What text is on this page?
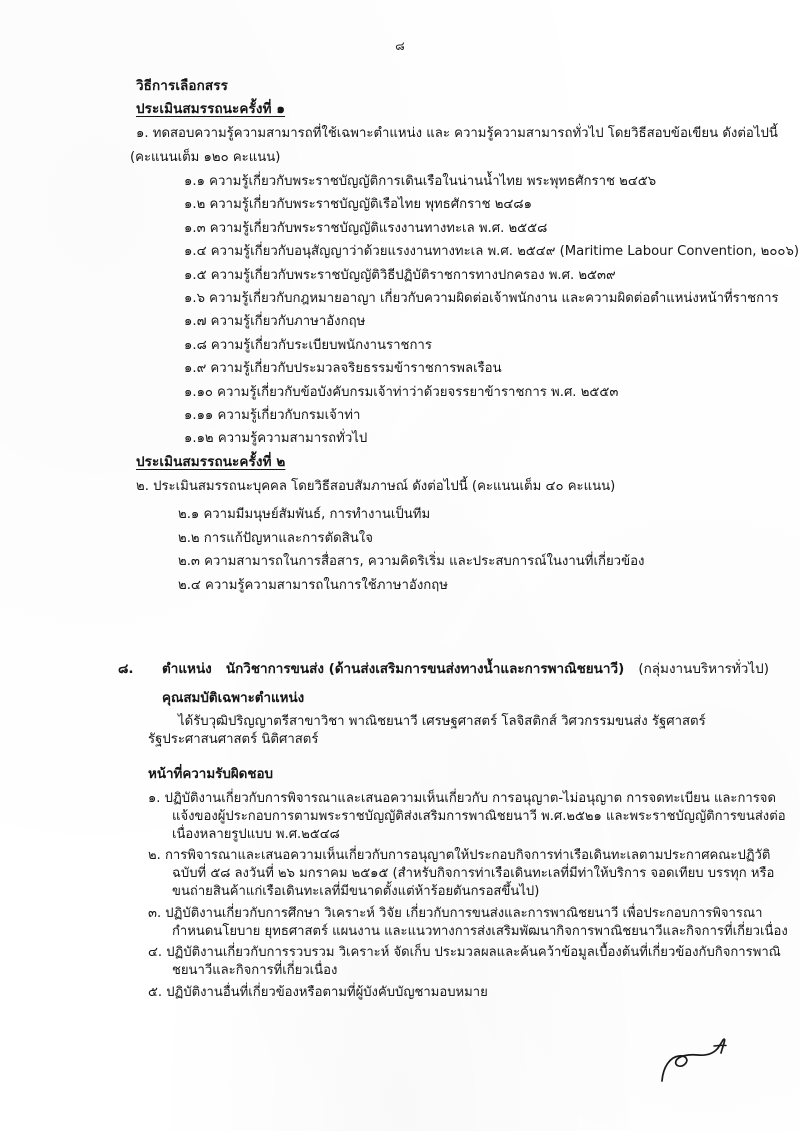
๘
วิธีการเลือกสรร
ประเมินสมรรถนะครั้งที่ ๑
๑. ทดสอบความรู้ความสามารถที่ใช้เฉพาะตำแหน่ง และ ความรู้ความสามารถทั่วไป โดยวิธีสอบข้อเขียน ดังต่อไปนี้
(คะแนนเต็ม ๑๒๐ คะแนน)
๑.๑ ความรู้เกี่ยวกับพระราชบัญญัติการเดินเรือในน่านน้ำไทย พระพุทธศักราช ๒๔๕๖
๑.๒ ความรู้เกี่ยวกับพระราชบัญญัติเรือไทย พุทธศักราช ๒๔๘๑
๑.๓ ความรู้เกี่ยวกับพระราชบัญญัติแรงงานทางทะเล พ.ศ. ๒๕๕๘
๑.๔ ความรู้เกี่ยวกับอนุสัญญาว่าด้วยแรงงานทางทะเล พ.ศ. ๒๕๔๙ (Maritime Labour Convention, ๒๐๐๖)
๑.๕ ความรู้เกี่ยวกับพระราชบัญญัติวิธีปฏิบัติราชการทางปกครอง พ.ศ. ๒๕๓๙
๑.๖ ความรู้เกี่ยวกับกฎหมายอาญา เกี่ยวกับความผิดต่อเจ้าพนักงาน และความผิดต่อตำแหน่งหน้าที่ราชการ
๑.๗ ความรู้เกี่ยวกับภาษาอังกฤษ
๑.๘ ความรู้เกี่ยวกับระเบียบพนักงานราชการ
๑.๙ ความรู้เกี่ยวกับประมวลจริยธรรมข้าราชการพลเรือน
๑.๑๐ ความรู้เกี่ยวกับข้อบังคับกรมเจ้าท่าว่าด้วยจรรยาข้าราชการ พ.ศ. ๒๕๕๓
๑.๑๑ ความรู้เกี่ยวกับกรมเจ้าท่า
๑.๑๒ ความรู้ความสามารถทั่วไป
ประเมินสมรรถนะครั้งที่ ๒
๒. ประเมินสมรรถนะบุคคล โดยวิธีสอบสัมภาษณ์ ดังต่อไปนี้ (คะแนนเต็ม ๔๐ คะแนน)
๒.๑ ความมีมนุษย์สัมพันธ์, การทำงานเป็นทีม
๒.๒ การแก้ปัญหาและการตัดสินใจ
๒.๓ ความสามารถในการสื่อสาร, ความคิดริเริ่ม และประสบการณ์ในงานที่เกี่ยวข้อง
๒.๔ ความรู้ความสามารถในการใช้ภาษาอังกฤษ
๘.	ตำแหน่ง นักวิชาการขนส่ง (ด้านส่งเสริมการขนส่งทางน้ำและการพาณิชยนาวี) (กลุ่มงานบริหารทั่วไป)
คุณสมบัติเฉพาะตำแหน่ง
ได้รับวุฒิปริญญาตรีสาขาวิชา พาณิชยนาวี เศรษฐศาสตร์ โลจิสติกส์ วิศวกรรมขนส่ง รัฐศาสตร์ รัฐประศาสนศาสตร์ นิติศาสตร์
หน้าที่ความรับผิดชอบ
๑. ปฏิบัติงานเกี่ยวกับการพิจารณาและเสนอความเห็นเกี่ยวกับ การอนุญาต-ไม่อนุญาต การจดทะเบียน และการจดแจ้งของผู้ประกอบการตามพระราชบัญญัติส่งเสริมการพาณิชยนาวี พ.ศ.๒๕๒๑ และพระราชบัญญัติการขนส่งต่อเนื่องหลายรูปแบบ พ.ศ.๒๕๔๘
๒. การพิจารณาและเสนอความเห็นเกี่ยวกับการอนุญาตให้ประกอบกิจการท่าเรือเดินทะเลตามประกาศคณะปฏิวัติ ฉบับที่ ๕๘ ลงวันที่ ๒๖ มกราคม ๒๕๑๕ (สำหรับกิจการท่าเรือเดินทะเลที่มีท่าให้บริการ จอดเทียบ บรรทุก หรือขนถ่ายสินค้าแก่เรือเดินทะเลที่มีขนาดตั้งแต่ห้าร้อยตันกรอสขึ้นไป)
๓. ปฏิบัติงานเกี่ยวกับการศึกษา วิเคราะห์ วิจัย เกี่ยวกับการขนส่งและการพาณิชยนาวี เพื่อประกอบการพิจารณากำหนดนโยบาย ยุทธศาสตร์ แผนงาน และแนวทางการส่งเสริมพัฒนากิจการพาณิชยนาวีและกิจการที่เกี่ยวเนื่อง
๔. ปฏิบัติงานเกี่ยวกับการรวบรวม วิเคราะห์ จัดเก็บ ประมวลผลและค้นคว้าข้อมูลเบื้องต้นที่เกี่ยวข้องกับกิจการพาณิชยนาวีและกิจการที่เกี่ยวเนื่อง
๕. ปฏิบัติงานอื่นที่เกี่ยวข้องหรือตามที่ผู้บังคับบัญชามอบหมาย
